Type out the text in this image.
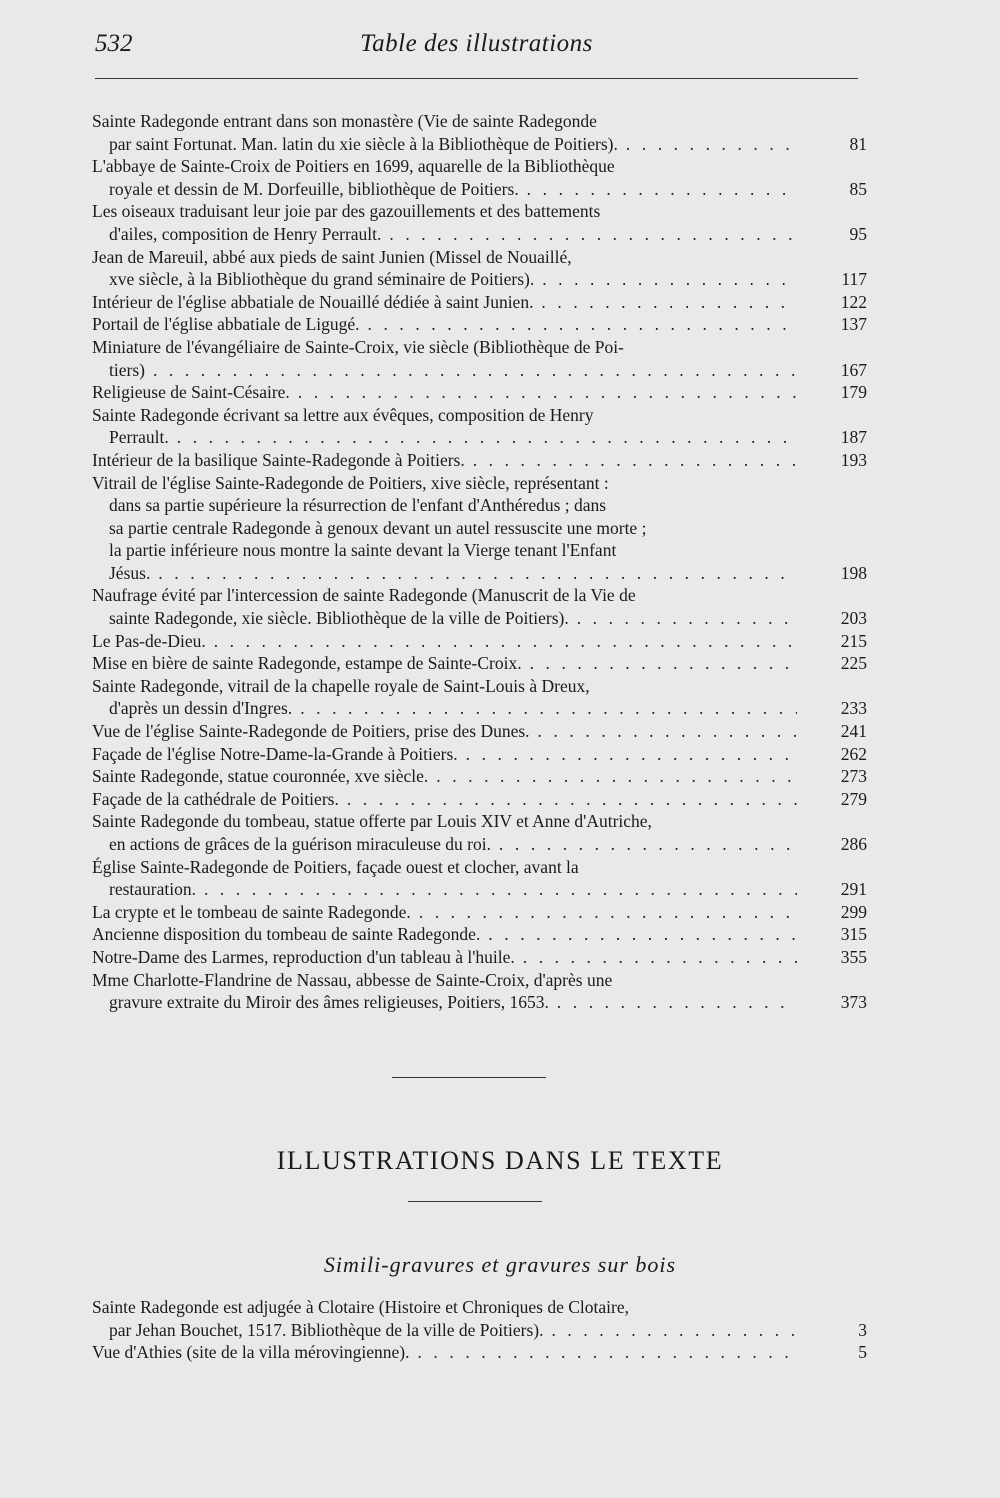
532	Table des illustrations
Sainte Radegonde entrant dans son monastère (Vie de sainte Radegonde
par saint Fortunat. Man. latin du xie siècle à la Bibliothèque de Poitiers). . . .	81
L'abbaye de Sainte-Croix de Poitiers en 1699, aquarelle de la Bibliothèque
royale et dessin de M. Dorfeuille, bibliothèque de Poitiers. . . .	85
Les oiseaux traduisant leur joie par des gazouillements et des battements
d'ailes, composition de Henry Perrault. . . .	95
Jean de Mareuil, abbé aux pieds de saint Junien (Missel de Nouaillé,
xve siècle, à la Bibliothèque du grand séminaire de Poitiers). . . .	117
Intérieur de l'église abbatiale de Nouaillé dédiée à saint Junien. . . .	122
Portail de l'église abbatiale de Ligugé. . . .	137
Miniature de l'évangéliaire de Sainte-Croix, vie siècle (Bibliothèque de Poi-
tiers) . . .	167
Religieuse de Saint-Césaire. . . .	179
Sainte Radegonde écrivant sa lettre aux évêques, composition de Henry
Perrault. . . .	187
Intérieur de la basilique Sainte-Radegonde à Poitiers. . . .	193
Vitrail de l'église Sainte-Radegonde de Poitiers, xive siècle, représentant :
dans sa partie supérieure la résurrection de l'enfant d'Anthéredus ; dans
sa partie centrale Radegonde à genoux devant un autel ressuscite une morte ;
la partie inférieure nous montre la sainte devant la Vierge tenant l'Enfant
Jésus. . . .	198
Naufrage évité par l'intercession de sainte Radegonde (Manuscrit de la Vie de
sainte Radegonde, xie siècle. Bibliothèque de la ville de Poitiers). . . .	203
Le Pas-de-Dieu. . . .	215
Mise en bière de sainte Radegonde, estampe de Sainte-Croix. . . .	225
Sainte Radegonde, vitrail de la chapelle royale de Saint-Louis à Dreux,
d'après un dessin d'Ingres. . . .	233
Vue de l'église Sainte-Radegonde de Poitiers, prise des Dunes. . . .	241
Façade de l'église Notre-Dame-la-Grande à Poitiers. . . .	262
Sainte Radegonde, statue couronnée, xve siècle. . . .	273
Façade de la cathédrale de Poitiers. . . .	279
Sainte Radegonde du tombeau, statue offerte par Louis XIV et Anne d'Autriche,
en actions de grâces de la guérison miraculeuse du roi. . . .	286
Église Sainte-Radegonde de Poitiers, façade ouest et clocher, avant la
restauration. . . .	291
La crypte et le tombeau de sainte Radegonde. . . .	299
Ancienne disposition du tombeau de sainte Radegonde. . . .	315
Notre-Dame des Larmes, reproduction d'un tableau à l'huile. . . .	355
Mme Charlotte-Flandrine de Nassau, abbesse de Sainte-Croix, d'après une
gravure extraite du Miroir des âmes religieuses, Poitiers, 1653. . . .	373
ILLUSTRATIONS DANS LE TEXTE
Simili-gravures et gravures sur bois
Sainte Radegonde est adjugée à Clotaire (Histoire et Chroniques de Clotaire,
par Jehan Bouchet, 1517. Bibliothèque de la ville de Poitiers). . . .	3
Vue d'Athies (site de la villa mérovingienne). . . .	5
